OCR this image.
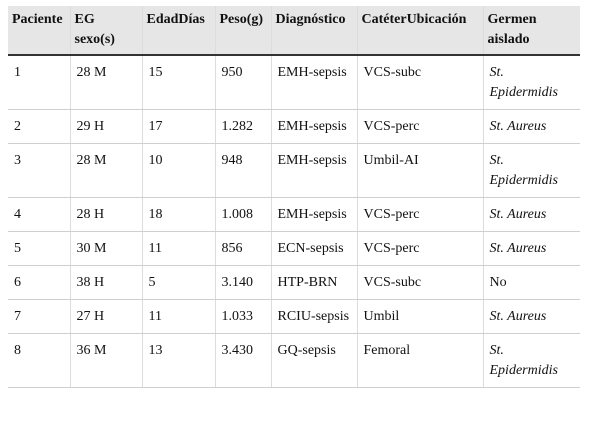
Paciente	EG sexo(s)	EdadDías	Peso(g)	Diagnóstico	CatéterUbicación	Germen aislado
1	28 M	15	950	EMH-sepsis	VCS-subc	St. Epidermidis
2	29 H	17	1.282	EMH-sepsis	VCS-perc	St. Aureus
3	28 M	10	948	EMH-sepsis	Umbil-AI	St. Epidermidis
4	28 H	18	1.008	EMH-sepsis	VCS-perc	St. Aureus
5	30 M	11	856	ECN-sepsis	VCS-perc	St. Aureus
6	38 H	5	3.140	HTP-BRN	VCS-subc	No
7	27 H	11	1.033	RCIU-sepsis	Umbil	St. Aureus
8	36 M	13	3.430	GQ-sepsis	Femoral	St. Epidermidis
